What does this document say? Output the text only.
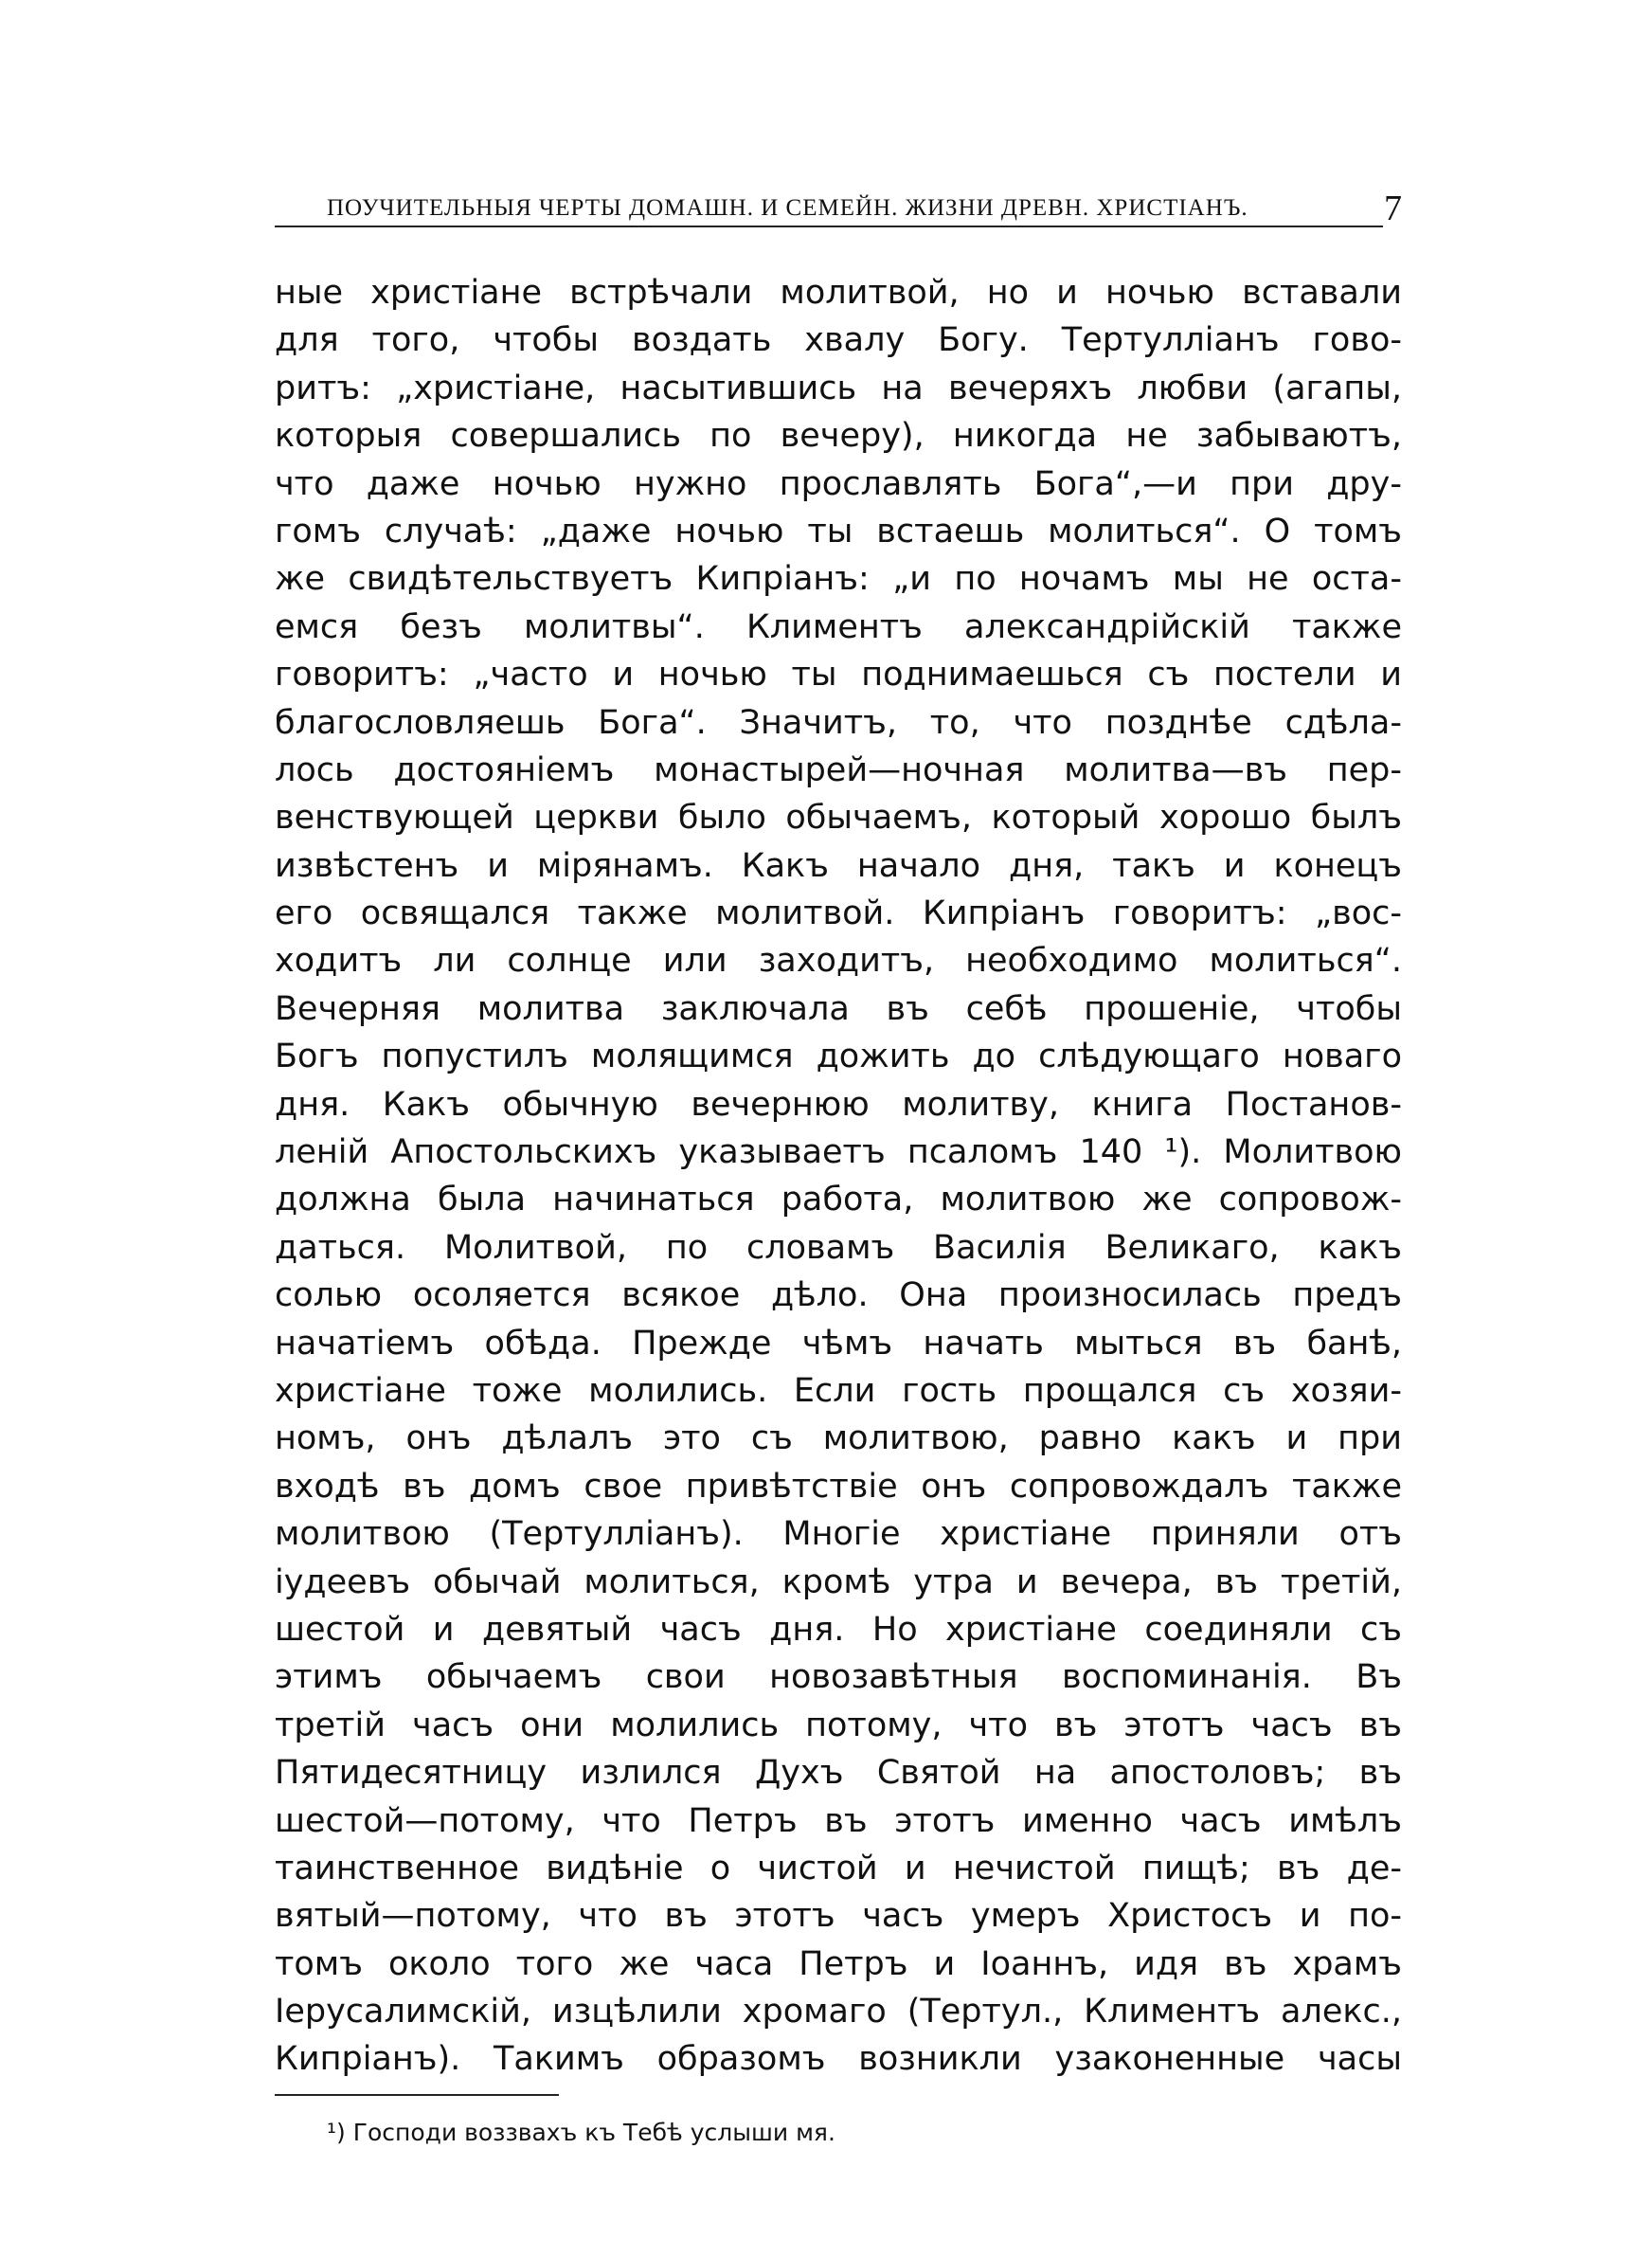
ПОУЧИТЕЛЬНЫЯ ЧЕРТЫ ДОМАШН. И СЕМЕЙН. ЖИЗНИ ДРЕВН. ХРИСТІАНЪ.	7
ные христіане встрѣчали молитвой, но и ночью вставали
для того, чтобы воздать хвалу Богу. Тертулліанъ гово-
ритъ: „христіане, насытившись на вечеряхъ любви (агапы,
которыя совершались по вечеру), никогда не забываютъ,
что даже ночью нужно прославлять Бога“,—и при дру-
гомъ случаѣ: „даже ночью ты встаешь молиться“. О томъ
же свидѣтельствуетъ Кипріанъ: „и по ночамъ мы не оста-
емся безъ молитвы“. Климентъ александрійскій также
говоритъ: „часто и ночью ты поднимаешься съ постели и
благословляешь Бога“. Значитъ, то, что позднѣе сдѣла-
лось достояніемъ монастырей—ночная молитва—въ пер-
венствующей церкви было обычаемъ, который хорошо былъ
извѣстенъ и мірянамъ. Какъ начало дня, такъ и конецъ
его освящался также молитвой. Кипріанъ говоритъ: „вос-
ходитъ ли солнце или заходитъ, необходимо молиться“.
Вечерняя молитва заключала въ себѣ прошеніе, чтобы
Богъ попустилъ молящимся дожить до слѣдующаго новаго
дня. Какъ обычную вечернюю молитву, книга Постанов-
леній Апостольскихъ указываетъ псаломъ 140 ¹). Молитвою
должна была начинаться работа, молитвою же сопровож-
даться. Молитвой, по словамъ Василія Великаго, какъ
солью осоляется всякое дѣло. Она произносилась предъ
начатіемъ обѣда. Прежде чѣмъ начать мыться въ банѣ,
христіане тоже молились. Если гость прощался съ хозяи-
номъ, онъ дѣлалъ это съ молитвою, равно какъ и при
входѣ въ домъ свое привѣтствіе онъ сопровождалъ также
молитвою (Тертулліанъ). Многіе христіане приняли отъ
іудеевъ обычай молиться, кромѣ утра и вечера, въ третій,
шестой и девятый часъ дня. Но христіане соединяли съ
этимъ обычаемъ свои новозавѣтныя воспоминанія. Въ
третій часъ они молились потому, что въ этотъ часъ въ
Пятидесятницу излился Духъ Святой на апостоловъ; въ
шестой—потому, что Петръ въ этотъ именно часъ имѣлъ
таинственное видѣніе о чистой и нечистой пищѣ; въ де-
вятый—потому, что въ этотъ часъ умеръ Христосъ и по-
томъ около того же часа Петръ и Іоаннъ, идя въ храмъ
Іерусалимскій, изцѣлили хромаго (Тертул., Климентъ алекс.,
Кипріанъ). Такимъ образомъ возникли узаконенные часы
¹) Господи воззвахъ къ Тебѣ услыши мя.
